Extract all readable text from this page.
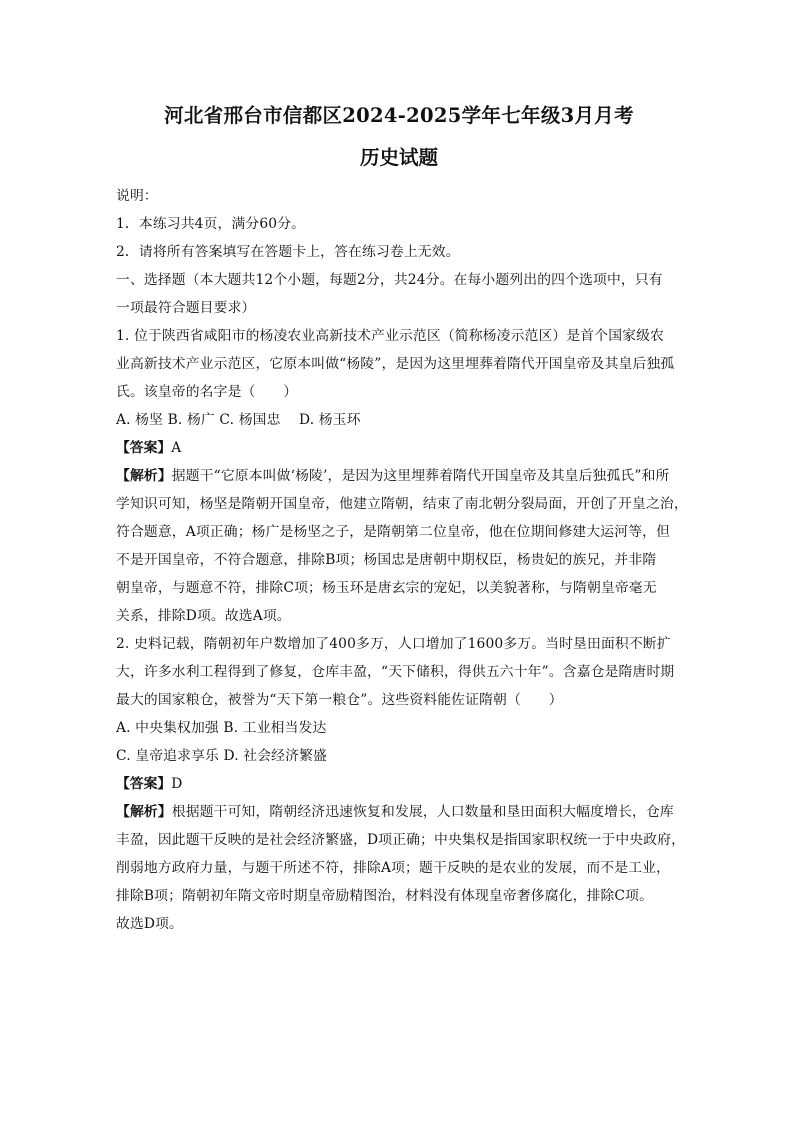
河北省邢台市信都区2024-2025学年七年级3月月考
历史试题

说明：

1．本练习共4页，满分60分。

2．请将所有答案填写在答题卡上，答在练习卷上无效。

一、选择题（本大题共12个小题，每题2分，共24分。在每小题列出的四个选项中，只有

一项最符合题目要求）

1. 位于陕西省咸阳市的杨凌农业高新技术产业示范区（简称杨凌示范区）是首个国家级农

业高新技术产业示范区，它原本叫做“杨陵”，是因为这里埋葬着隋代开国皇帝及其皇后独孤

氏。该皇帝的名字是（　　）

A. 杨坚 B. 杨广 C. 杨国忠　 D. 杨玉环

【答案】A

【解析】据题干“它原本叫做‘杨陵’，是因为这里埋葬着隋代开国皇帝及其皇后独孤氏”和所

学知识可知，杨坚是隋朝开国皇帝，他建立隋朝，结束了南北朝分裂局面，开创了开皇之治，

符合题意，A项正确；杨广是杨坚之子，是隋朝第二位皇帝，他在位期间修建大运河等，但

不是开国皇帝，不符合题意，排除B项；杨国忠是唐朝中期权臣，杨贵妃的族兄，并非隋

朝皇帝，与题意不符，排除C项；杨玉环是唐玄宗的宠妃，以美貌著称，与隋朝皇帝毫无

关系，排除D项。故选A项。

2. 史料记载，隋朝初年户数增加了400多万，人口增加了1600多万。当时垦田面积不断扩

大，许多水利工程得到了修复，仓库丰盈，“天下储积，得供五六十年”。含嘉仓是隋唐时期

最大的国家粮仓，被誉为“天下第一粮仓”。这些资料能佐证隋朝（　　）

A. 中央集权加强 B. 工业相当发达

C. 皇帝追求享乐 D. 社会经济繁盛

【答案】D

【解析】根据题干可知，隋朝经济迅速恢复和发展，人口数量和垦田面积大幅度增长，仓库

丰盈，因此题干反映的是社会经济繁盛，D项正确；中央集权是指国家职权统一于中央政府，

削弱地方政府力量，与题干所述不符，排除A项；题干反映的是农业的发展，而不是工业，

排除B项；隋朝初年隋文帝时期皇帝励精图治，材料没有体现皇帝奢侈腐化，排除C项。

故选D项。
